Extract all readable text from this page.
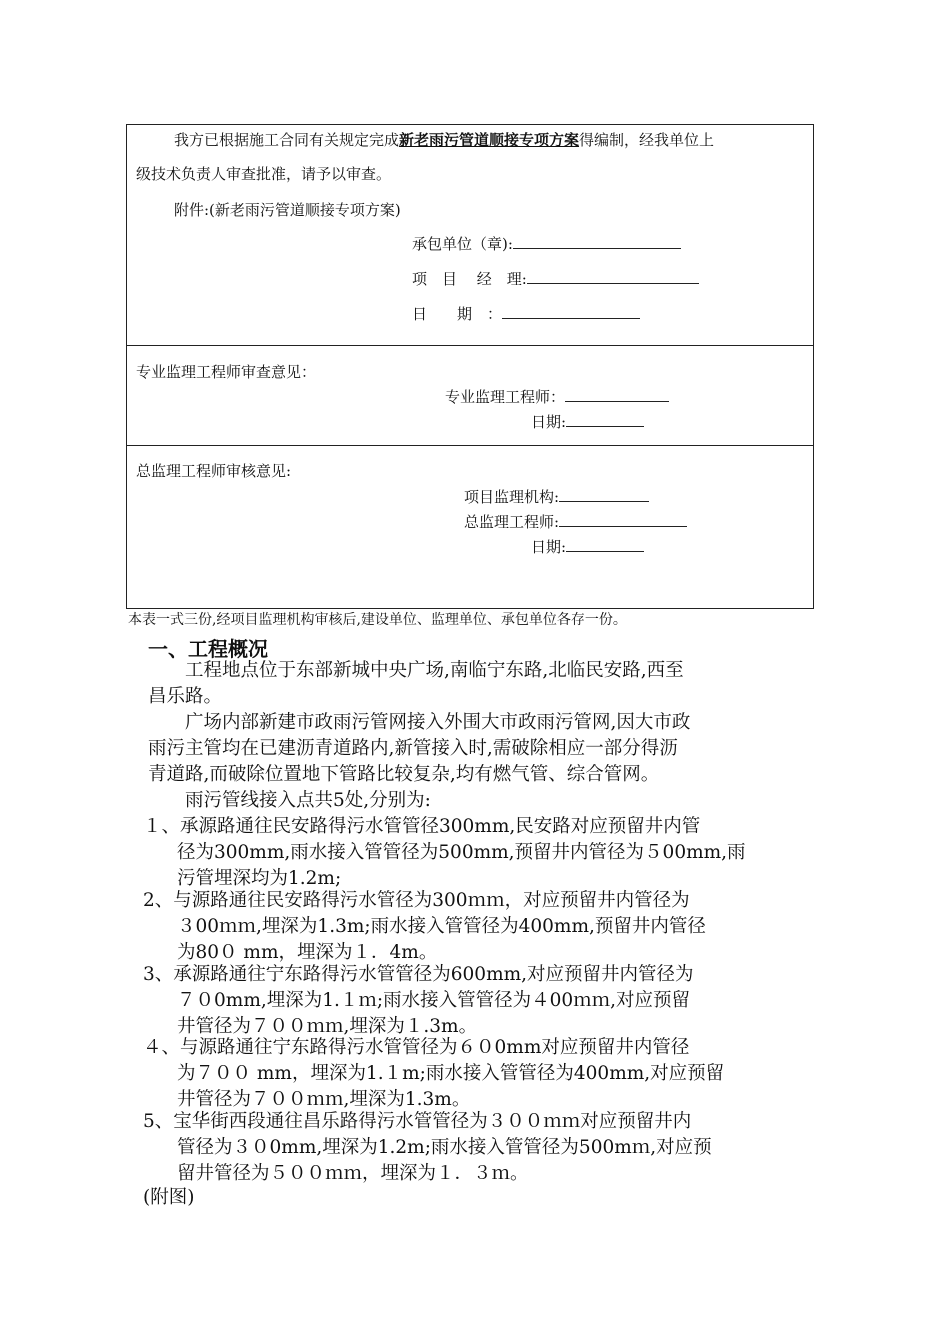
我方已根据施工合同有关规定完成新老雨污管道顺接专项方案得编制，经我单位上
级技术负责人审查批准，请予以审查。
附件:(新老雨污管道顺接专项方案)
承包单位（章):
项　目　 经　理:
日　　期　：
专业监理工程师审查意见：
专业监理工程师：
日期:
总监理工程师审核意见:
项目监理机构:
总监理工程师:
日期:
本表一式三份,经项目监理机构审核后,建设单位、监理单位、承包单位各存一份。
一、工程概况
　　工程地点位于东部新城中央广场,南临宁东路,北临民安路,西至
昌乐路。
　　广场内部新建市政雨污管网接入外围大市政雨污管网,因大市政
雨污主管均在已建沥青道路内,新管接入时,需破除相应一部分得沥
青道路,而破除位置地下管路比较复杂,均有燃气管、综合管网。
　　雨污管线接入点共5处,分别为:
１、承源路通往民安路得污水管管径300mm,民安路对应预留井内管
径为300mm,雨水接入管管径为500mm,预留井内管径为５00mm,雨
污管埋深均为1.2m;
2、与源路通往民安路得污水管径为300ｍｍ，对应预留井内管径为
３00ｍｍ,埋深为1.3m;雨水接入管管径为400mm,预留井内管径
为80０ mm，埋深为１．4m。
3、承源路通往宁东路得污水管管径为600mm,对应预留井内管径为
７０0mm,埋深为1.１ｍ;雨水接入管管径为４00ｍｍ,对应预留
井管径为７００ｍｍ,埋深为１.3m。
４、与源路通往宁东路得污水管管径为６０0mm对应预留井内管径
为７００ mm，埋深为1.１m;雨水接入管管径为400mm,对应预留
井管径为７００ｍｍ,埋深为1.3m。
5、宝华街西段通往昌乐路得污水管管径为３００ｍｍ对应预留井内
管径为３０0mm,埋深为1.2m;雨水接入管管径为500mｍ,对应预
留井管径为５００ｍｍ，埋深为１．３ｍ。
(附图)
